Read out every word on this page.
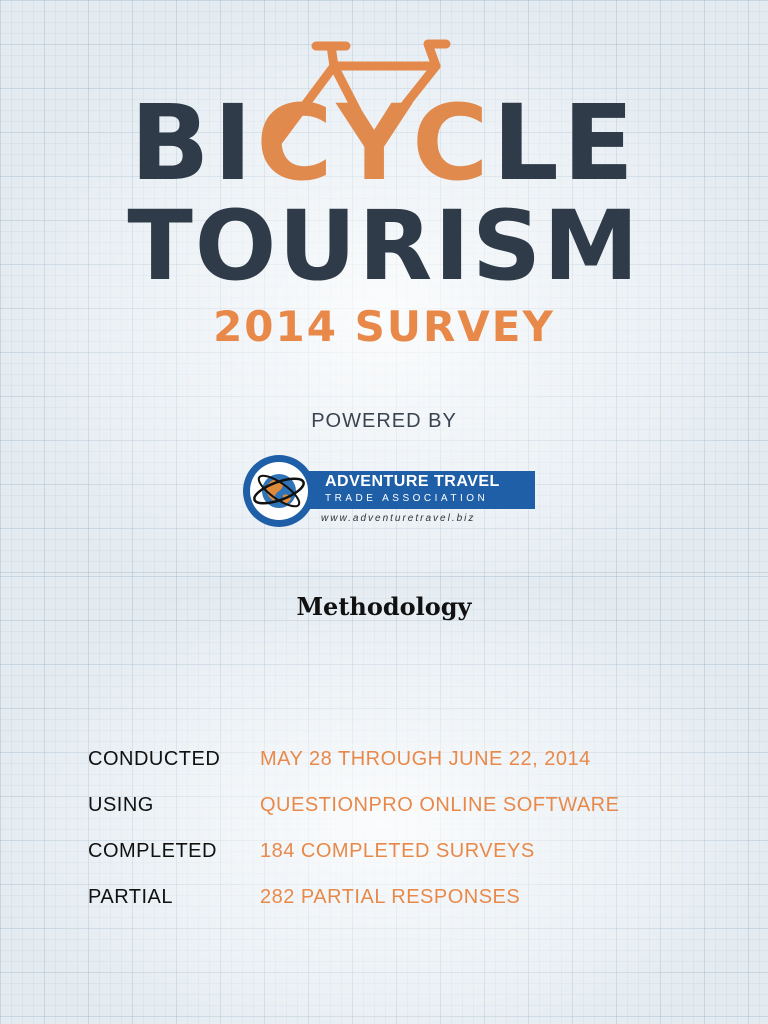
BICYCLE
TOURISM
2014 SURVEY
POWERED BY
ADVENTURE TRAVEL
TRADE ASSOCIATION
www.adventuretravel.biz
Methodology
CONDUCTED MAY 28 THROUGH JUNE 22, 2014
USING	QUESTIONPRO ONLINE SOFTWARE
COMPLETED 184 COMPLETED SURVEYS
PARTIAL	282 PARTIAL RESPONSES
